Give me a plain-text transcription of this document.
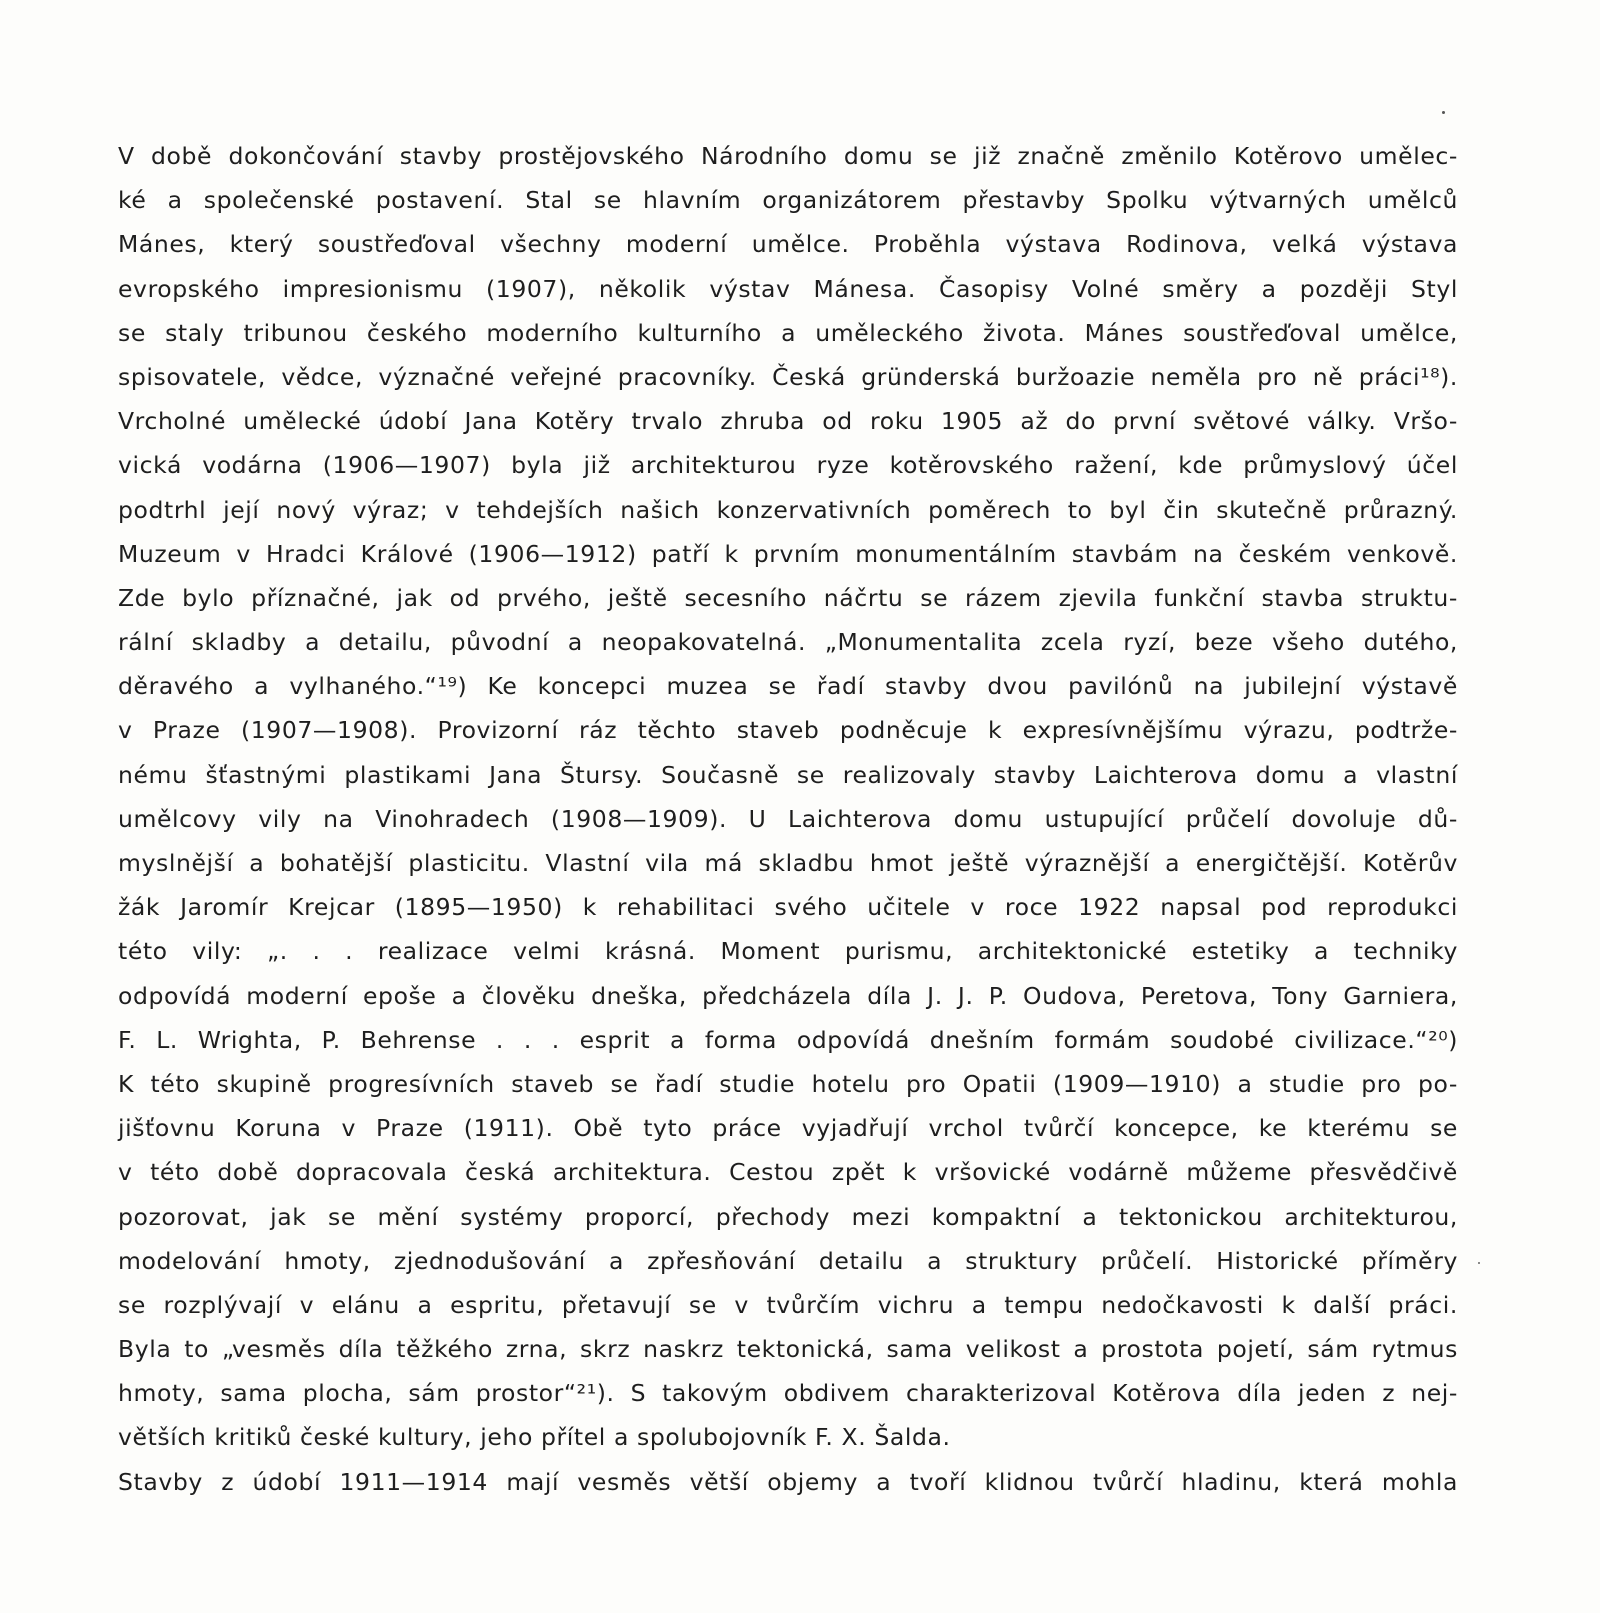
V době dokončování stavby prostějovského Národního domu se již značně změnilo Kotěrovo umělec-
ké a společenské postavení. Stal se hlavním organizátorem přestavby Spolku výtvarných umělců
Mánes, který soustřeďoval všechny moderní umělce. Proběhla výstava Rodinova, velká výstava
evropského impresionismu (1907), několik výstav Mánesa. Časopisy Volné směry a později Styl
se staly tribunou českého moderního kulturního a uměleckého života. Mánes soustřeďoval umělce,
spisovatele, vědce, význačné veřejné pracovníky. Česká gründerská buržoazie neměla pro ně práci¹⁸).
Vrcholné umělecké údobí Jana Kotěry trvalo zhruba od roku 1905 až do první světové války. Vršo-
vická vodárna (1906—1907) byla již architekturou ryze kotěrovského ražení, kde průmyslový účel
podtrhl její nový výraz; v tehdejších našich konzervativních poměrech to byl čin skutečně průrazný.
Muzeum v Hradci Králové (1906—1912) patří k prvním monumentálním stavbám na českém venkově.
Zde bylo příznačné, jak od prvého, ještě secesního náčrtu se rázem zjevila funkční stavba struktu-
rální skladby a detailu, původní a neopakovatelná. „Monumentalita zcela ryzí, beze všeho dutého,
děravého a vylhaného.“¹⁹) Ke koncepci muzea se řadí stavby dvou pavilónů na jubilejní výstavě
v Praze (1907—1908). Provizorní ráz těchto staveb podněcuje k expresívnějšímu výrazu, podtrže-
nému šťastnými plastikami Jana Štursy. Současně se realizovaly stavby Laichterova domu a vlastní
umělcovy vily na Vinohradech (1908—1909). U Laichterova domu ustupující průčelí dovoluje dů-
myslnější a bohatější plasticitu. Vlastní vila má skladbu hmot ještě výraznější a energičtější. Kotěrův
žák Jaromír Krejcar (1895—1950) k rehabilitaci svého učitele v roce 1922 napsal pod reprodukci
této vily: „. . . realizace velmi krásná. Moment purismu, architektonické estetiky a techniky
odpovídá moderní epoše a člověku dneška, předcházela díla J. J. P. Oudova, Peretova, Tony Garniera,
F. L. Wrighta, P. Behrense . . . esprit a forma odpovídá dnešním formám soudobé civilizace.“²⁰)
K této skupině progresívních staveb se řadí studie hotelu pro Opatii (1909—1910) a studie pro po-
jišťovnu Koruna v Praze (1911). Obě tyto práce vyjadřují vrchol tvůrčí koncepce, ke kterému se
v této době dopracovala česká architektura. Cestou zpět k vršovické vodárně můžeme přesvědčivě
pozorovat, jak se mění systémy proporcí, přechody mezi kompaktní a tektonickou architekturou,
modelování hmoty, zjednodušování a zpřesňování detailu a struktury průčelí. Historické příměry
se rozplývají v elánu a espritu, přetavují se v tvůrčím vichru a tempu nedočkavosti k další práci.
Byla to „vesměs díla těžkého zrna, skrz naskrz tektonická, sama velikost a prostota pojetí, sám rytmus
hmoty, sama plocha, sám prostor“²¹). S takovým obdivem charakterizoval Kotěrova díla jeden z nej-
větších kritiků české kultury, jeho přítel a spolubojovník F. X. Šalda.
Stavby z údobí 1911—1914 mají vesměs větší objemy a tvoří klidnou tvůrčí hladinu, která mohla
